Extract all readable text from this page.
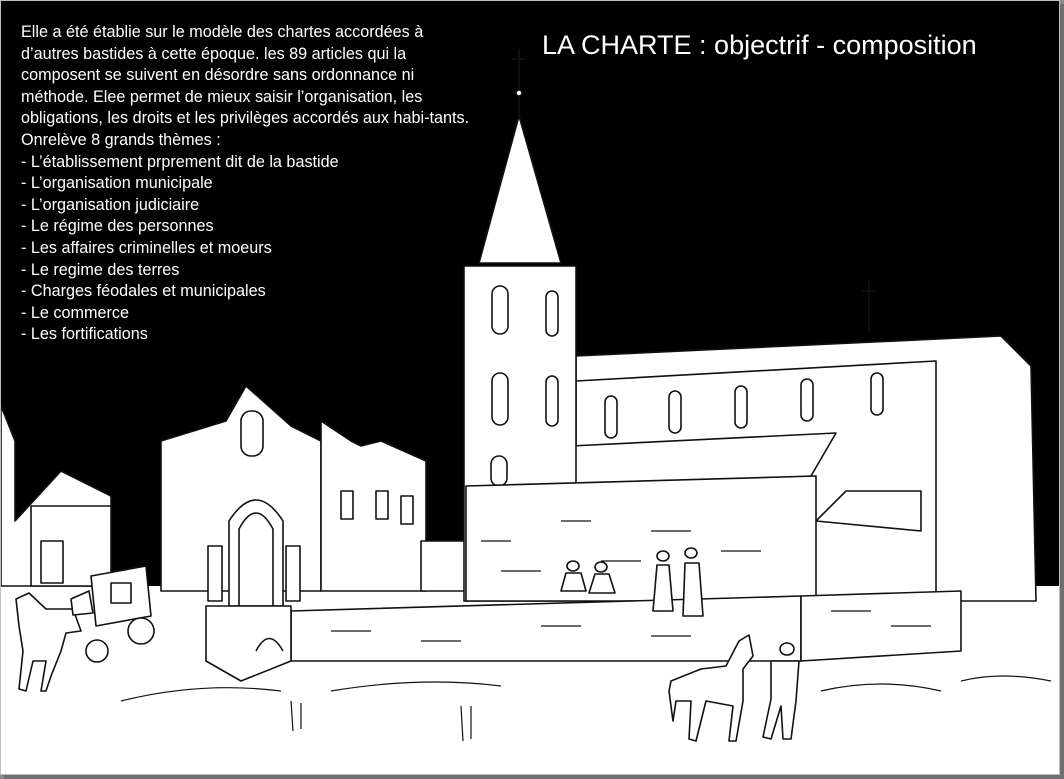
LA CHARTE : objectrif - composition

Elle a été établie sur le modèle des chartes accordées à d’autres bastides à cette époque. les 89 articles qui la composent se suivent en désordre sans ordonnance ni méthode. Elee permet de mieux saisir l’organisation, les obligations, les droits et les privilèges accordés aux habi-tants. Onrelève 8 grands thèmes :

- L’établissement prprement dit de la bastide
- L’organisation municipale
- L’organisation judiciaire
- Le régime des personnes
- Les affaires criminelles et moeurs
- Le regime des terres
- Charges féodales et municipales
- Le commerce
- Les fortifications
